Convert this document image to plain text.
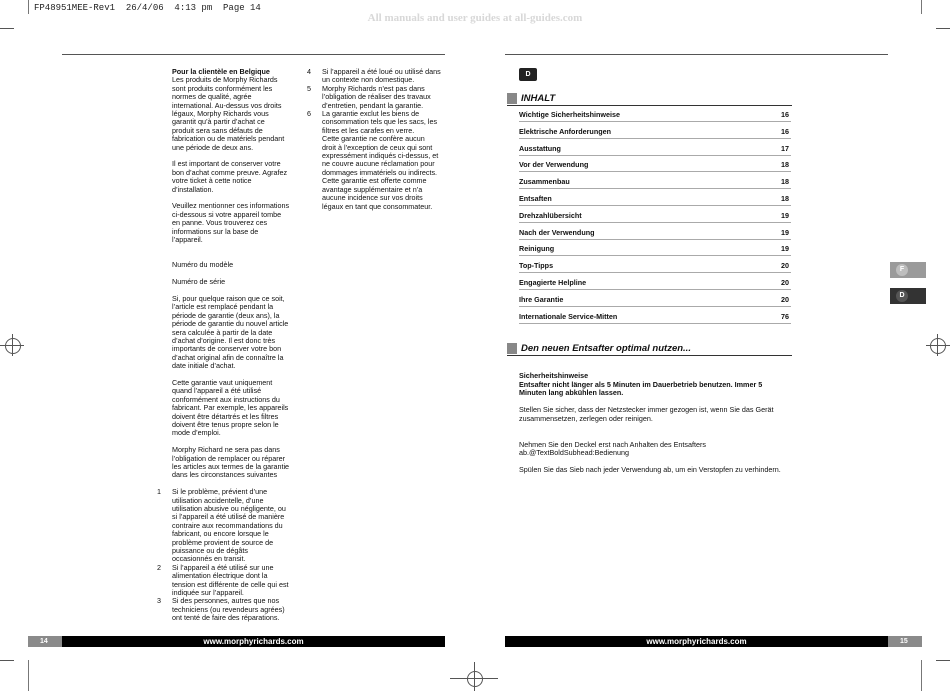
FP48951MEE-Rev1  26/4/06  4:13 pm  Page 14
All manuals and user guides at all-guides.com

Pour la clientèle en Belgique

Les produits de Morphy Richards

sont produits conformément les

normes de qualité, agrée

international. Au-dessus vos droits

légaux, Morphy Richards vous

garantit qu’à partir d’achat ce

produit sera sans défauts de

fabrication ou de matériels pendant

une période de deux ans.

Il est important de conserver votre

bon d’achat comme preuve. Agrafez

votre ticket à cette notice

d’installation.

Veuillez mentionner ces informations

ci-dessous si votre appareil tombe

en panne. Vous trouverez ces

informations sur la base de

l’appareil.

Numéro du modèle

Numéro de série

Si, pour quelque raison que ce soit,

l’article est remplacé pendant la

période de garantie (deux ans), la

période de garantie du nouvel article

sera calculée à partir de la date

d’achat d’origine. Il est donc très

importants de conserver votre bon

d’achat original afin de connaître la

date initiale d’achat.

Cette garantie vaut uniquement

quand l’appareil a été utilisé

conformément aux instructions du

fabricant. Par exemple, les appareils

doivent être détartrés et les filtres

doivent être tenus propre selon le

mode d’emploi.

Morphy Richard ne sera pas dans

l’obligation de remplacer ou réparer

les articles aux termes de la garantie

dans les circonstances suivantes

1	Si le problème, prévient d’une

utilisation accidentelle, d’une

utilisation abusive ou négligente, ou

si l’appareil a été utilisé de manière

contraire aux recommandations du

fabricant, ou encore lorsque le

problème provient de source de

puissance ou de dégâts

occasionnés en transit.

2	Si l’appareil a été utilisé sur une

alimentation électrique dont la

tension est différente de celle qui est

indiquée sur l’appareil.

3	Si des personnes, autres que nos

techniciens (ou revendeurs agrées)

ont tenté de faire des réparations.

4	Si l’appareil a été loué ou utilisé dans

un contexte non domestique.

5	Morphy Richards n’est pas dans

l’obligation de réaliser des travaux

d’entretien, pendant la garantie.

6	La garantie exclut les biens de

consommation tels que les sacs, les

filtres et les carafes en verre.

Cette garantie ne confère aucun

droit à l’exception de ceux qui sont

expressément indiqués ci-dessus, et

ne couvre aucune réclamation pour

dommages immatériels ou indirects.

Cette garantie est offerte comme

avantage supplémentaire et n’a

aucune incidence sur vos droits

légaux en tant que consommateur.

14	www.morphyrichards.com
D
INHALT
Wichtige Sicherheitshinweise	16
Elektrische Anforderungen	16
Ausstattung	17
Vor der Verwendung	18
Zusammenbau	18
Entsaften	18
Drehzahlübersicht	19
Nach der Verwendung	19
Reinigung	19
Top-Tipps	20
Engagierte Helpline	20
Ihre Garantie	20
Internationale Service-Mitten	76
Den neuen Entsafter optimal nutzen...
Sicherheitshinweise
Entsafter nicht länger als 5 Minuten im Dauerbetrieb benutzen. Immer 5
Minuten lang abkühlen lassen.
Stellen Sie sicher, dass der Netzstecker immer gezogen ist, wenn Sie das Gerät
zusammensetzen, zerlegen oder reinigen.
Nehmen Sie den Deckel erst nach Anhalten des Entsafters
ab.@TextBoldSubhead:Bedienung
Spülen Sie das Sieb nach jeder Verwendung ab, um ein Verstopfen zu verhindern.
F
D
www.morphyrichards.com	15
